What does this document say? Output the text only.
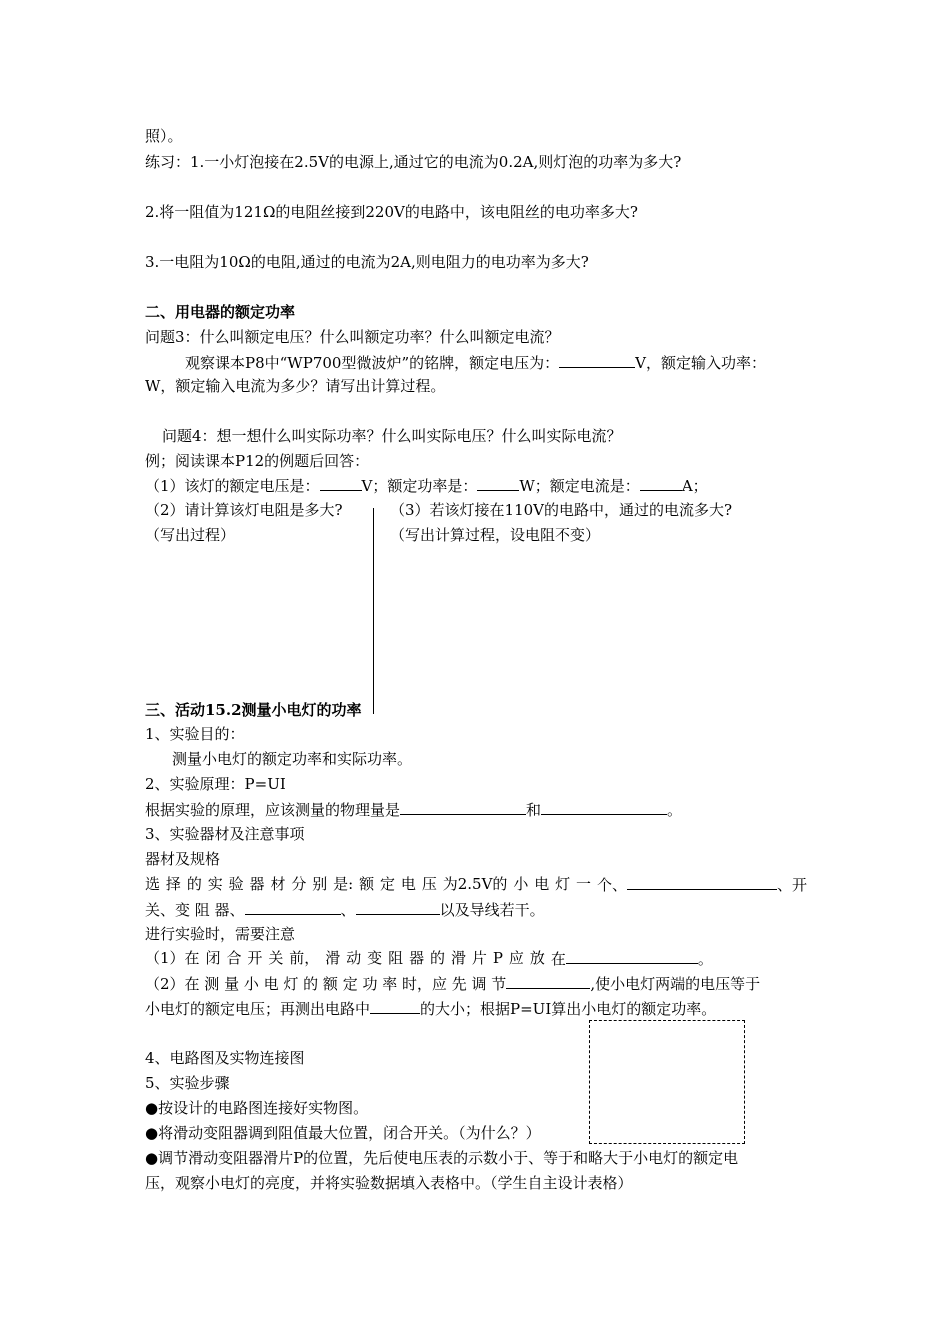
照）。
练习：1.一小灯泡接在2.5V的电源上,通过它的电流为0.2A,则灯泡的功率为多大?
2.将一阻值为121Ω的电阻丝接到220V的电路中，该电阻丝的电功率多大?
3.一电阻为10Ω的电阻,通过的电流为2A,则电阻力的电功率为多大?
二、用电器的额定功率
问题3：什么叫额定电压？什么叫额定功率？什么叫额定电流？
观察课本P8中“WP700型微波炉”的铭牌，额定电压为：	V，额定输入功率：
W，额定输入电流为多少？请写出计算过程。
问题4：想一想什么叫实际功率？什么叫实际电压？什么叫实际电流？
例；阅读课本P12的例题后回答：
（1）该灯的额定电压是：	V；额定功率是：	W；额定电流是：	A；
（2）请计算该灯电阻是多大?	（3）若该灯接在110V的电路中，通过的电流多大?
（写出过程）	（写出计算过程，设电阻不变）
三、活动15.2测量小电灯的功率
1、实验目的：
测量小电灯的额定功率和实际功率。
2、实验原理：P=UI
根据实验的原理，应该测量的物理量是	和	。
3、实验器材及注意事项
器材及规格
选 择 的 实 验 器 材 分 别 是: 额 定 电 压 为2.5V的 小 电 灯 一 个、	、开
关、变 阻 器、	、	以及导线若干。
进行实验时，需要注意
（1）在 闭 合 开 关 前， 滑 动 变 阻 器 的 滑 片 P 应 放 在	。
（2）在 测 量 小 电 灯 的 额 定 功 率 时，应 先 调 节	,使小电灯两端的电压等于
小电灯的额定电压；再测出电路中	的大小；根据P=UI算出小电灯的额定功率。
4、电路图及实物连接图
5、实验步骤
●按设计的电路图连接好实物图。
●将滑动变阻器调到阻值最大位置，闭合开关。（为什么？）
●调节滑动变阻器滑片P的位置，先后使电压表的示数小于、等于和略大于小电灯的额定电
压，观察小电灯的亮度，并将实验数据填入表格中。（学生自主设计表格）
